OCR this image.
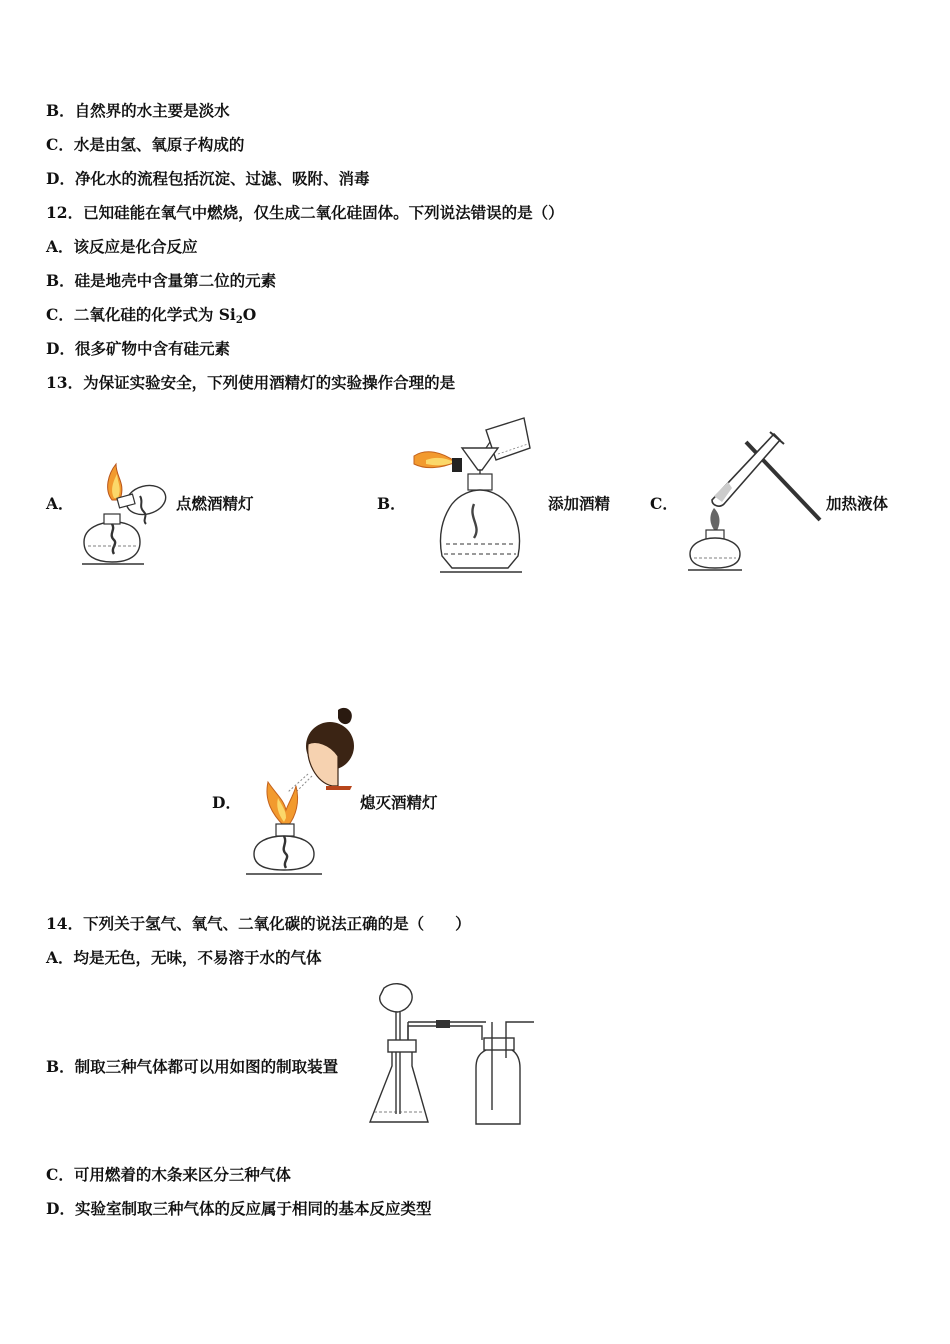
B．自然界的水主要是淡水
C．水是由氢、氧原子构成的
D．净化水的流程包括沉淀、过滤、吸附、消毒
12．已知硅能在氧气中燃烧，仅生成二氧化硅固体。下列说法错误的是（）
A．该反应是化合反应
B．硅是地壳中含量第二位的元素
C．二氧化硅的化学式为 $Si_2O$
D．很多矿物中含有硅元素
13．为保证实验安全，下列使用酒精灯的实验操作合理的是
A．	点燃酒精灯	B．	添加酒精	C．	加热液体
D．	熄灭酒精灯
14．下列关于氢气、氧气、二氧化碳的说法正确的是（　　）
A．均是无色，无味，不易溶于水的气体
B．制取三种气体都可以用如图的制取装置
C．可用燃着的木条来区分三种气体
D．实验室制取三种气体的反应属于相同的基本反应类型
